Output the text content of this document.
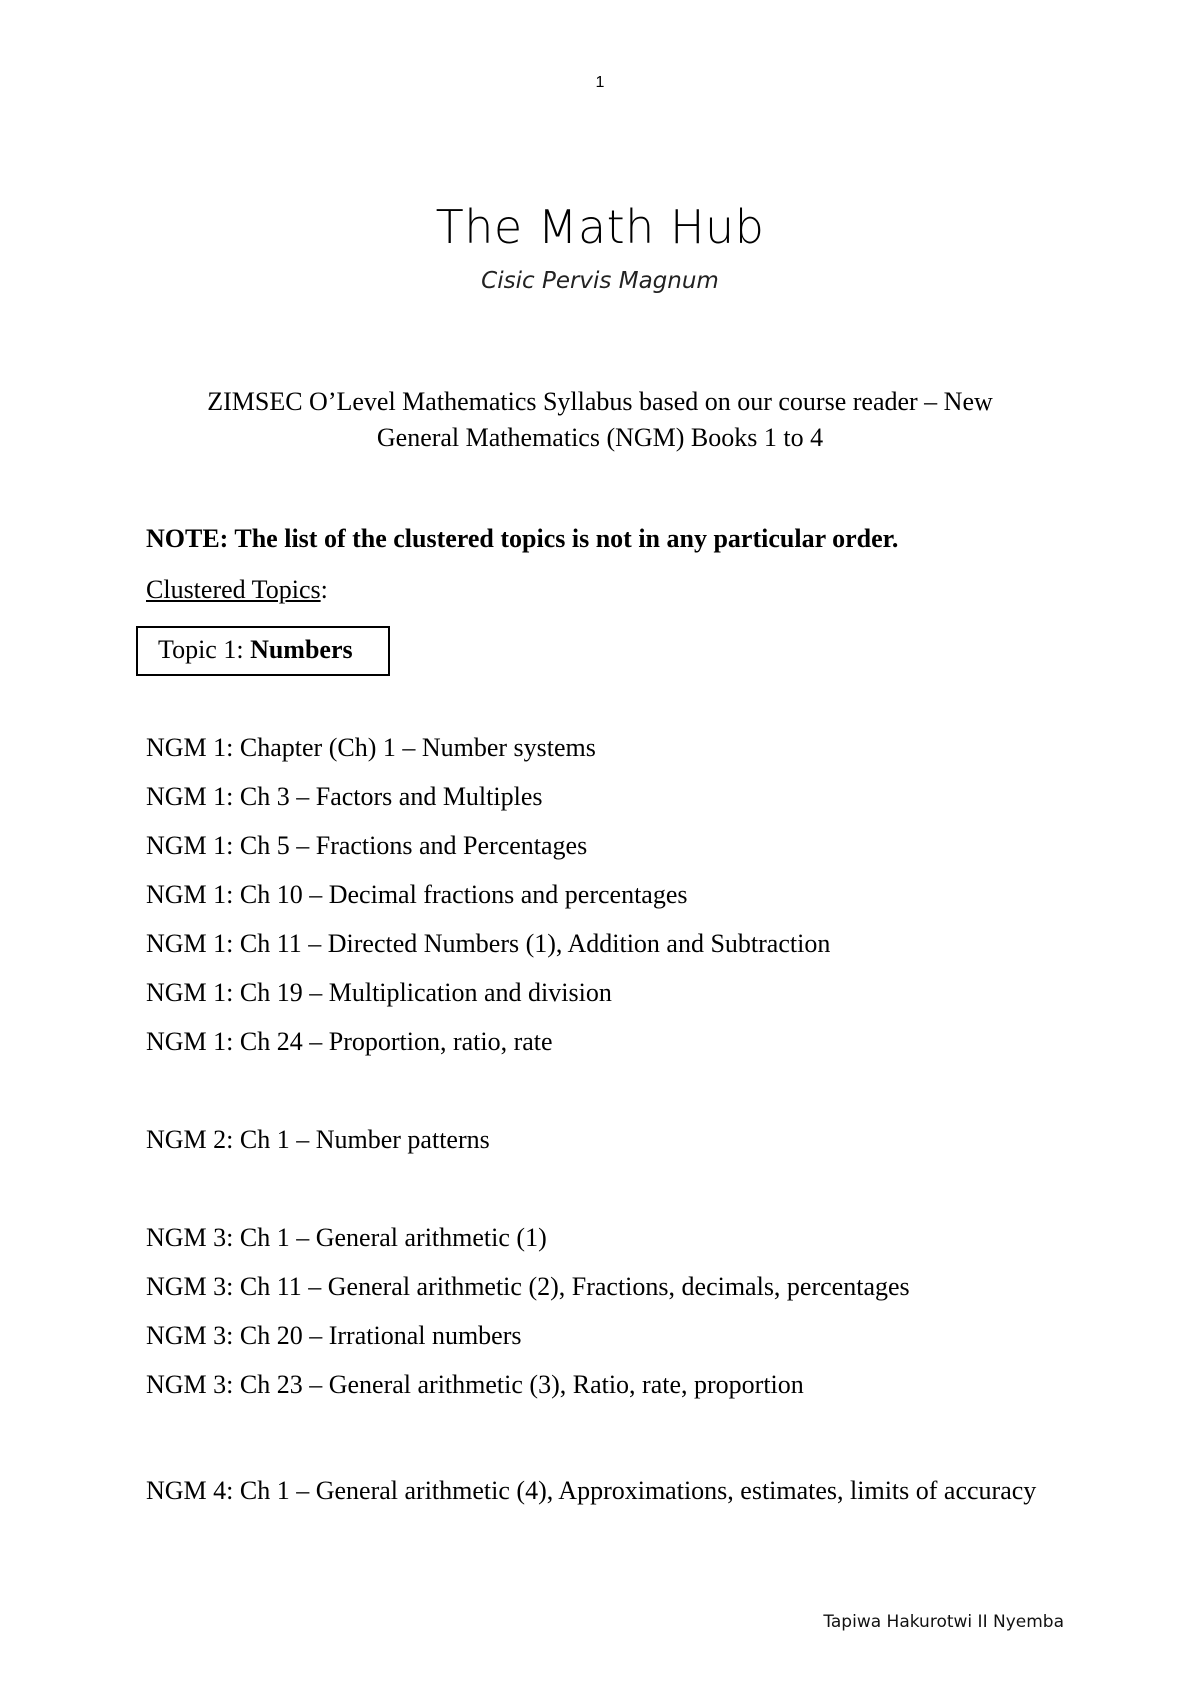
1
The Math Hub
Cisic Pervis Magnum
ZIMSEC O’Level Mathematics Syllabus based on our course reader – New
General Mathematics (NGM) Books 1 to 4
NOTE: The list of the clustered topics is not in any particular order.
Clustered Topics:
Topic 1: Numbers
NGM 1: Chapter (Ch) 1 – Number systems
NGM 1: Ch 3 – Factors and Multiples
NGM 1: Ch 5 – Fractions and Percentages
NGM 1: Ch 10 – Decimal fractions and percentages
NGM 1: Ch 11 – Directed Numbers (1), Addition and Subtraction
NGM 1: Ch 19 – Multiplication and division
NGM 1: Ch 24 – Proportion, ratio, rate
NGM 2: Ch 1 – Number patterns
NGM 3: Ch 1 – General arithmetic (1)
NGM 3: Ch 11 – General arithmetic (2), Fractions, decimals, percentages
NGM 3: Ch 20 – Irrational numbers
NGM 3: Ch 23 – General arithmetic (3), Ratio, rate, proportion
NGM 4: Ch 1 – General arithmetic (4), Approximations, estimates, limits of accuracy
Tapiwa Hakurotwi II Nyemba
